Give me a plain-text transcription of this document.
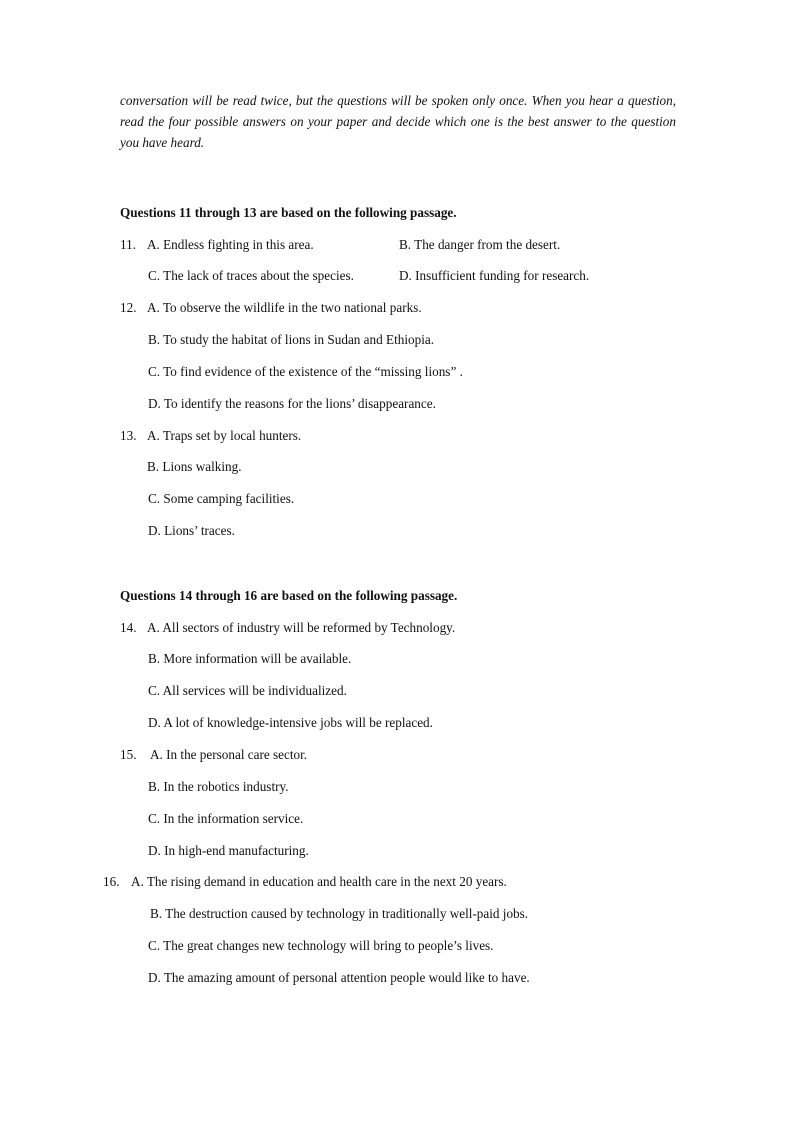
conversation will be read twice, but the questions will be spoken only once. When you hear a question, read the four possible answers on your paper and decide which one is the best answer to the question you have heard.
Questions 11 through 13 are based on the following passage.
11. A. Endless fighting in this area.	B. The danger from the desert.
C. The lack of traces about the species.	D. Insufficient funding for research.
12. A. To observe the wildlife in the two national parks.
B. To study the habitat of lions in Sudan and Ethiopia.
C. To find evidence of the existence of the “missing lions” .
D. To identify the reasons for the lions’ disappearance.
13. A. Traps set by local hunters.
B. Lions walking.
C. Some camping facilities.
D. Lions’ traces.
Questions 14 through 16 are based on the following passage.
14. A. All sectors of industry will be reformed by Technology.
B. More information will be available.
C. All services will be individualized.
D. A lot of knowledge-intensive jobs will be replaced.
15. A. In the personal care sector.
B. In the robotics industry.
C. In the information service.
D. In high-end manufacturing.
16. A. The rising demand in education and health care in the next 20 years.
B. The destruction caused by technology in traditionally well-paid jobs.
C. The great changes new technology will bring to people’s lives.
D. The amazing amount of personal attention people would like to have.
